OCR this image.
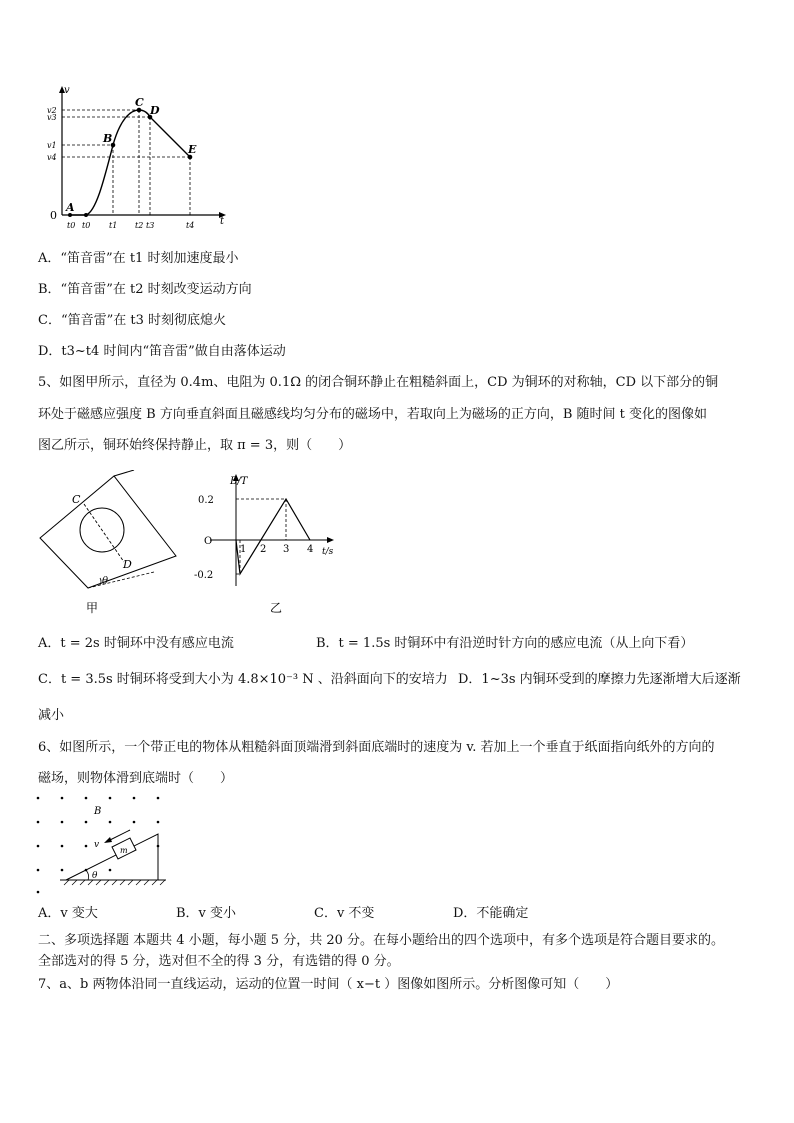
v
t
0
A
B
C
D
E
v2
v3
v1
v4
t0 t0 t1 t2 t3	t4
A．“笛音雷”在 t1 时刻加速度最小
B．“笛音雷”在 t2 时刻改变运动方向
C．“笛音雷”在 t3 时刻彻底熄火
D．t3~t4 时间内“笛音雷”做自由落体运动
5、如图甲所示，直径为 0.4m、电阻为 0.1Ω 的闭合铜环静止在粗糙斜面上，CD 为铜环的对称轴，CD 以下部分的铜
环处于磁感应强度 B 方向垂直斜面且磁感线均匀分布的磁场中，若取向上为磁场的正方向，B 随时间 t 变化的图像如
图乙所示，铜环始终保持静止，取 π = 3，则（　　）
C
D
θ
甲
B/T
t/s
O
0.2
-0.2
1 2 3 4
乙
A．t = 2s 时铜环中没有感应电流	B．t = 1.5s 时铜环中有沿逆时针方向的感应电流（从上向下看）
C．t = 3.5s 时铜环将受到大小为 4.8×10⁻³ N 、沿斜面向下的安培力 D．1~3s 内铜环受到的摩擦力先逐渐增大后逐渐
减小
6、如图所示，一个带正电的物体从粗糙斜面顶端滑到斜面底端时的速度为 v. 若加上一个垂直于纸面指向纸外的方向的
磁场，则物体滑到底端时（　　）
B
θ
m
v
A．v 变大	B．v 变小	C．v 不变	D．不能确定
二、多项选择题 本题共 4 小题，每小题 5 分，共 20 分。在每小题给出的四个选项中，有多个选项是符合题目要求的。
全部选对的得 5 分，选对但不全的得 3 分，有选错的得 0 分。
7、a、b 两物体沿同一直线运动，运动的位置一时间（ x−t ）图像如图所示。分析图像可知（　　）
